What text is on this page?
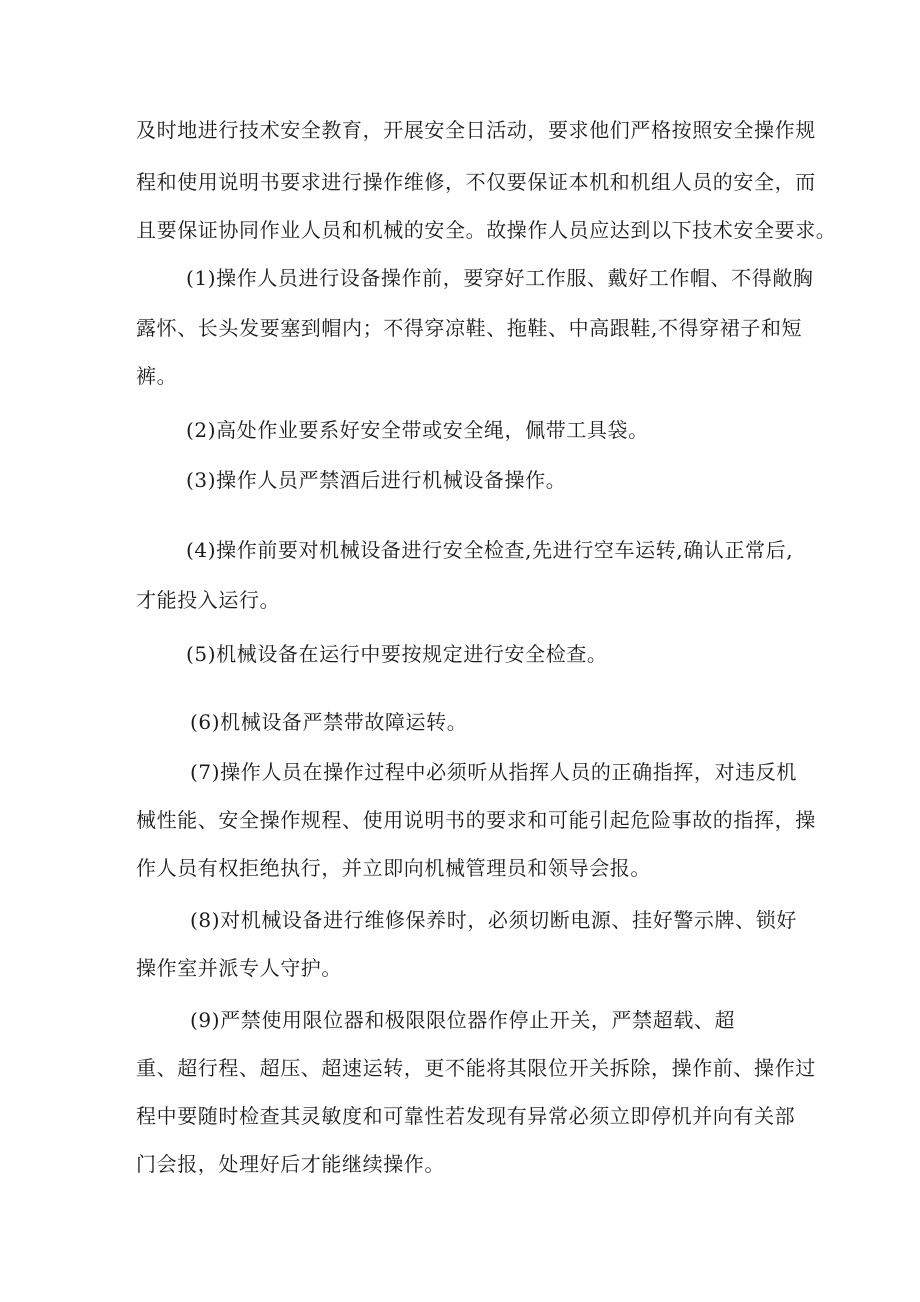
及时地进行技术安全教育，开展安全日活动，要求他们严格按照安全操作规
程和使用说明书要求进行操作维修，不仅要保证本机和机组人员的安全，而
且要保证协同作业人员和机械的安全。故操作人员应达到以下技术安全要求。
(1)操作人员进行设备操作前，要穿好工作服、戴好工作帽、不得敞胸
露怀、长头发要塞到帽内；不得穿凉鞋、拖鞋、中高跟鞋,不得穿裙子和短
裤。
(2)高处作业要系好安全带或安全绳，佩带工具袋。
(3)操作人员严禁酒后进行机械设备操作。
(4)操作前要对机械设备进行安全检查,先进行空车运转,确认正常后,
才能投入运行。
(5)机械设备在运行中要按规定进行安全检查。
(6)机械设备严禁带故障运转。
(7)操作人员在操作过程中必须听从指挥人员的正确指挥，对违反机
械性能、安全操作规程、使用说明书的要求和可能引起危险事故的指挥，操
作人员有权拒绝执行，并立即向机械管理员和领导会报。
(8)对机械设备进行维修保养时，必须切断电源、挂好警示牌、锁好
操作室并派专人守护。
(9)严禁使用限位器和极限限位器作停止开关，严禁超载、超
重、超行程、超压、超速运转，更不能将其限位开关拆除，操作前、操作过
程中要随时检查其灵敏度和可靠性若发现有异常必须立即停机并向有关部
门会报，处理好后才能继续操作。
